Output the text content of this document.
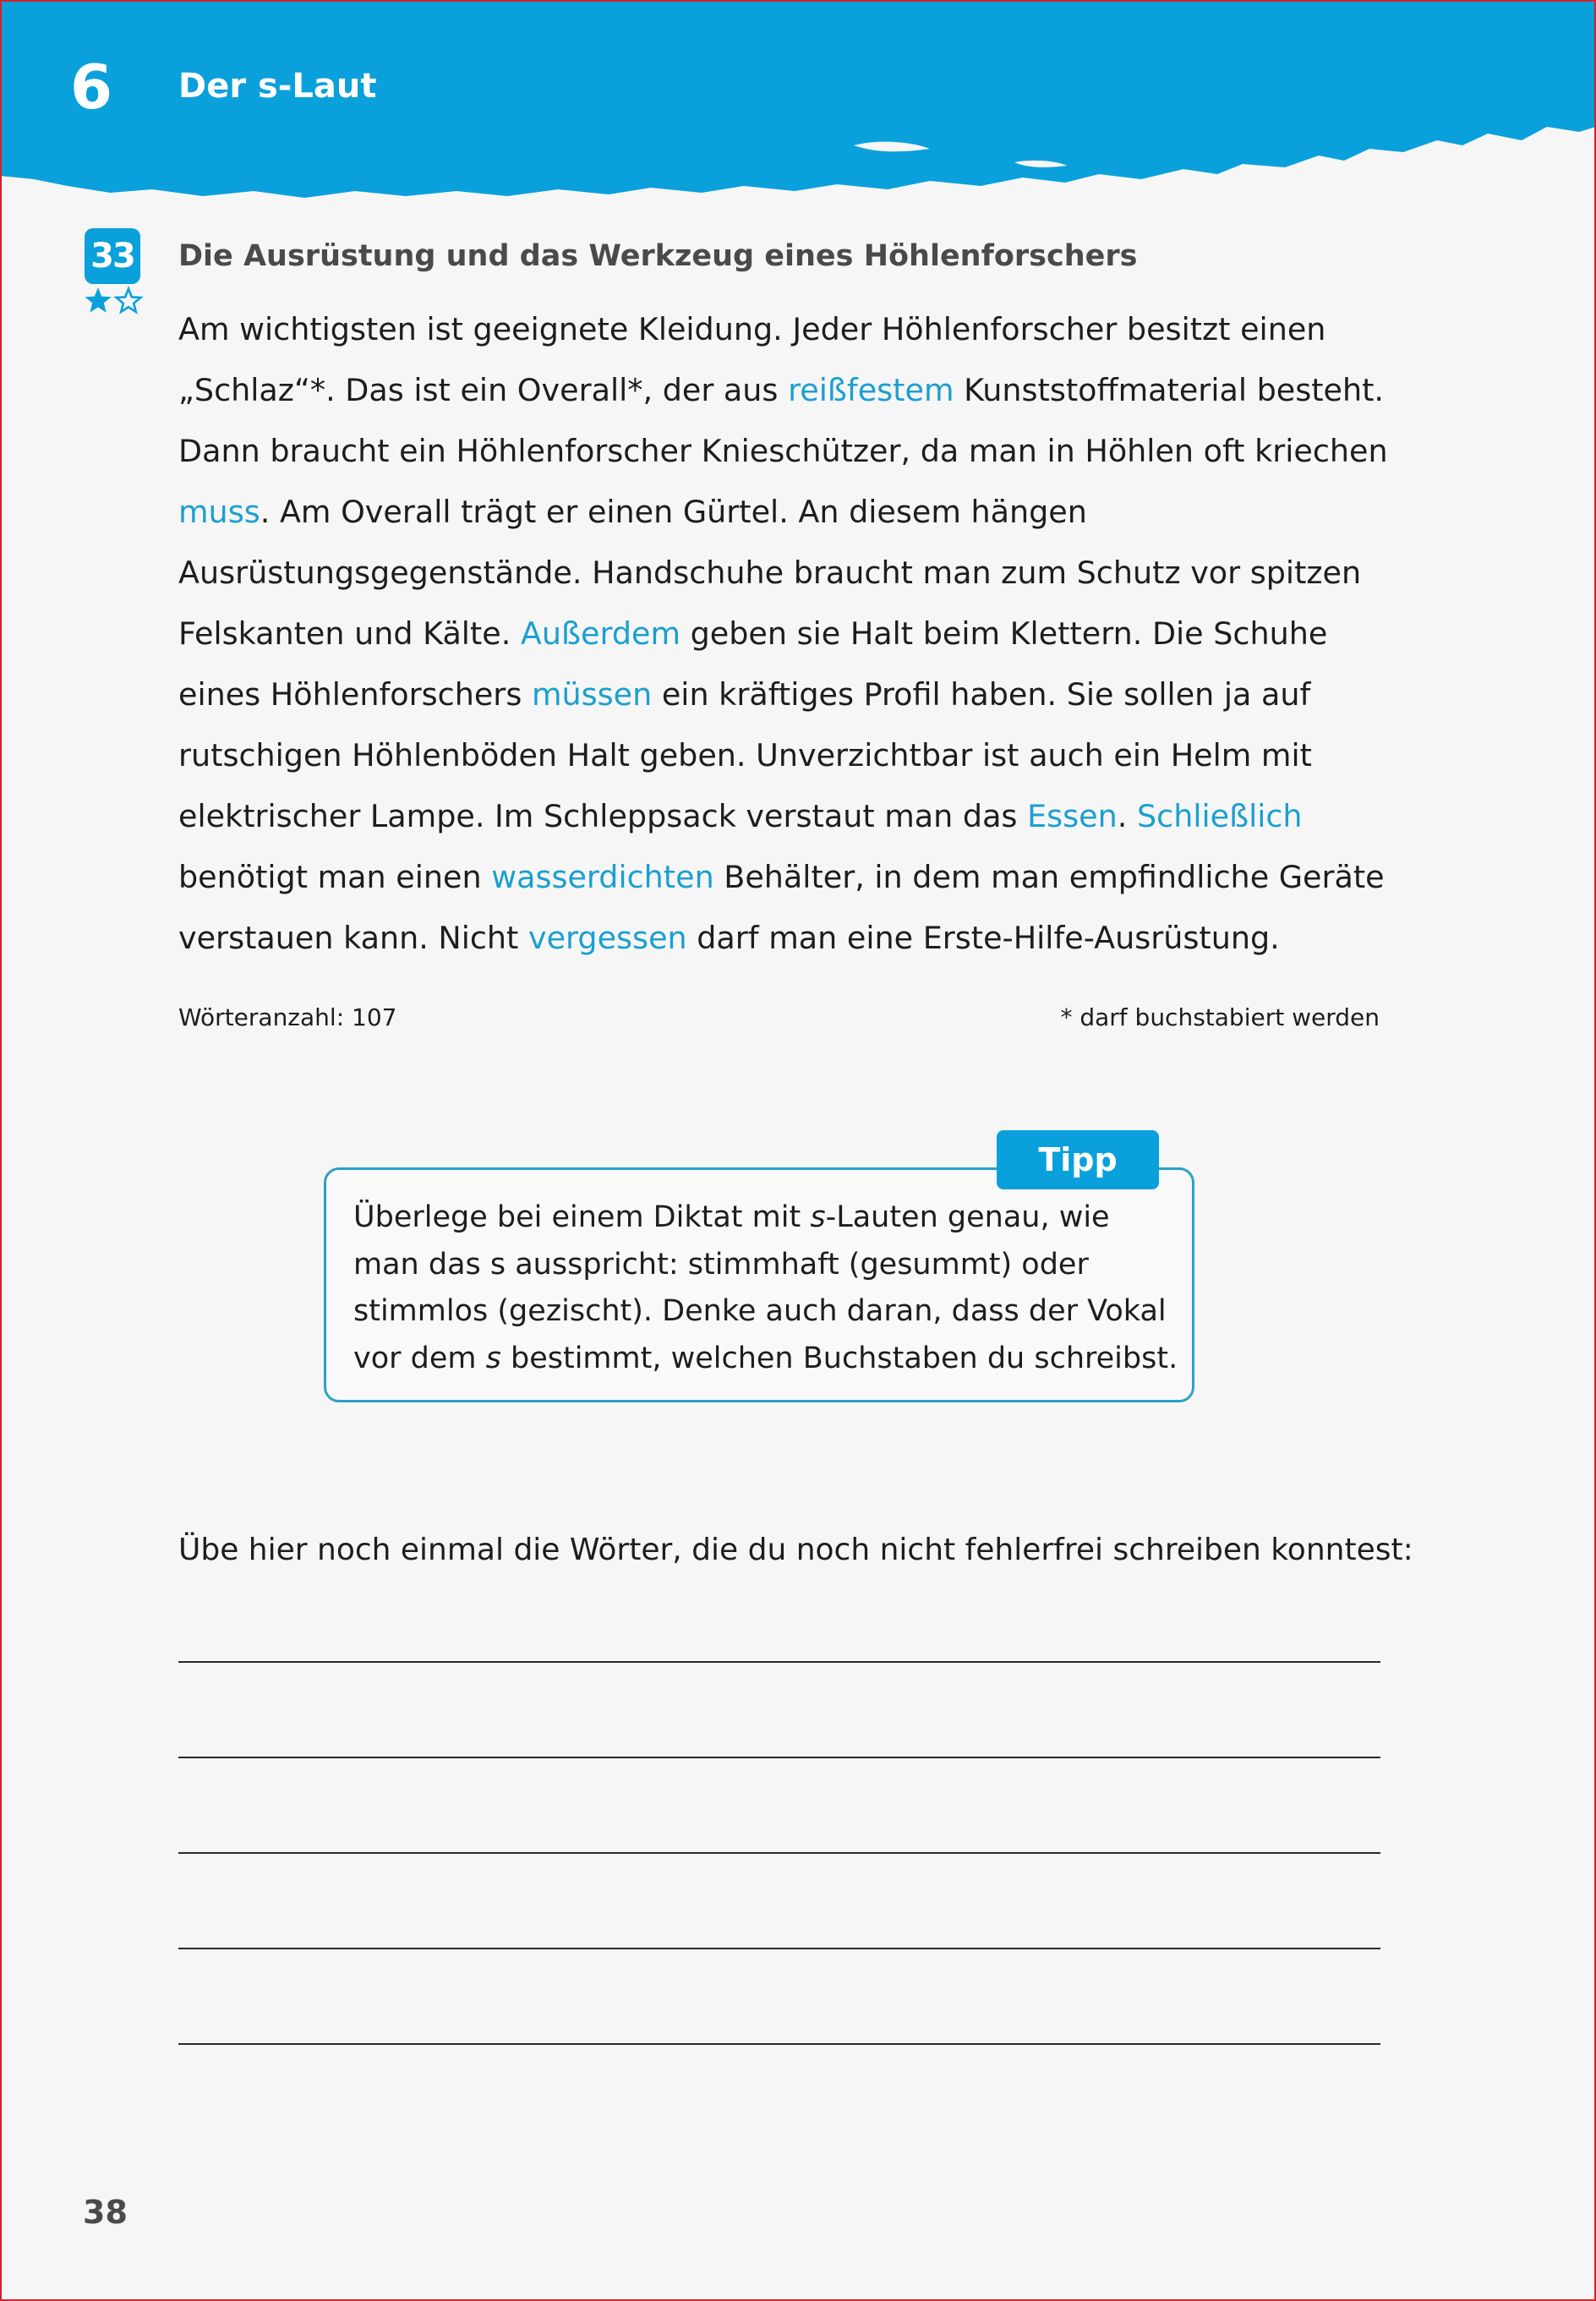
6 Der s-Laut
33 Die Ausrüstung und das Werkzeug eines Höhlenforschers
Am wichtigsten ist geeignete Kleidung. Jeder Höhlenforscher besitzt einen „Schlaz“*. Das ist ein Overall*, der aus reißfestem Kunststoffmaterial besteht. Dann braucht ein Höhlenforscher Knieschützer, da man in Höhlen oft kriechen muss. Am Overall trägt er einen Gürtel. An diesem hängen Ausrüstungsgegenstände. Handschuhe braucht man zum Schutz vor spitzen Felskanten und Kälte. Außerdem geben sie Halt beim Klettern. Die Schuhe eines Höhlenforschers müssen ein kräftiges Profil haben. Sie sollen ja auf rutschigen Höhlenböden Halt geben. Unverzichtbar ist auch ein Helm mit elektrischer Lampe. Im Schleppsack verstaut man das Essen. Schließlich benötigt man einen wasserdichten Behälter, in dem man empfindliche Geräte verstauen kann. Nicht vergessen darf man eine Erste-Hilfe-Ausrüstung.
Wörteranzahl: 107	* darf buchstabiert werden
Tipp
Überlege bei einem Diktat mit s-Lauten genau, wie man das s ausspricht: stimmhaft (gesummt) oder stimmlos (gezischt). Denke auch daran, dass der Vokal vor dem s bestimmt, welchen Buchstaben du schreibst.
Übe hier noch einmal die Wörter, die du noch nicht fehlerfrei schreiben konntest:
38
